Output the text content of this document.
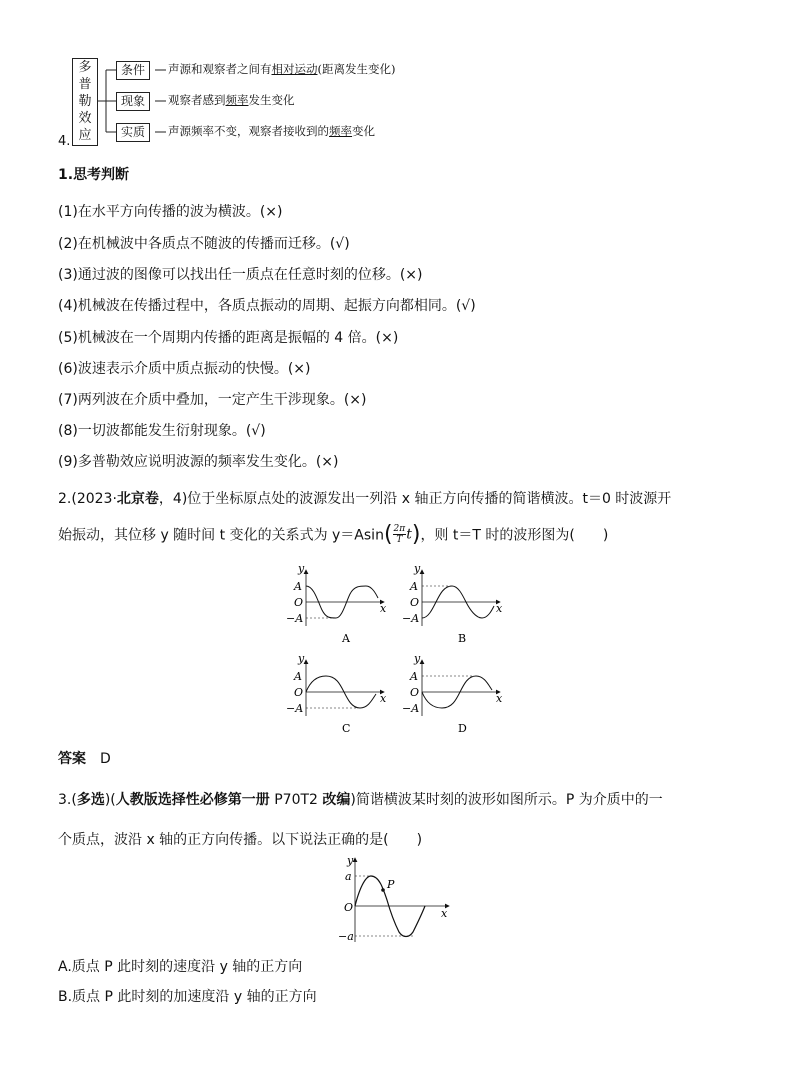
4.
多
普
勒
效
应
条件	声源和观察者之间有相对运动(距离发生变化)
现象	观察者感到频率发生变化
实质	声源频率不变，观察者接收到的频率变化
1.思考判断
(1)在水平方向传播的波为横波。(×)
(2)在机械波中各质点不随波的传播而迁移。(√)
(3)通过波的图像可以找出任一质点在任意时刻的位移。(×)
(4)机械波在传播过程中，各质点振动的周期、起振方向都相同。(√)
(5)机械波在一个周期内传播的距离是振幅的 4 倍。(×)
(6)波速表示介质中质点振动的快慢。(×)
(7)两列波在介质中叠加，一定产生干涉现象。(×)
(8)一切波都能发生衍射现象。(√)
(9)多普勒效应说明波源的频率发生变化。(×)
2.(2023·北京卷，4)位于坐标原点处的波源发出一列沿 x 轴正方向传播的简谐横波。t＝0 时波源开
始振动，其位移 y 随时间 t 变化的关系式为 $y=Asin( \frac{2\pi}{T} t)$，则 t＝T 时的波形图为(　　)
y
A
O
−A
x
A
y
A
O
−A
x
B
y
A
O
−A
x
C
y
A
O
−A
x
D
答案　 D
3.(多选)(人教版选择性必修第一册 P70T2 改编)简谐横波某时刻的波形如图所示。P 为介质中的一
个质点，波沿 x 轴的正方向传播。以下说法正确的是(　　)
y
a
O
−a
x
P
A.质点 P 此时刻的速度沿 y 轴的正方向
B.质点 P 此时刻的加速度沿 y 轴的正方向
